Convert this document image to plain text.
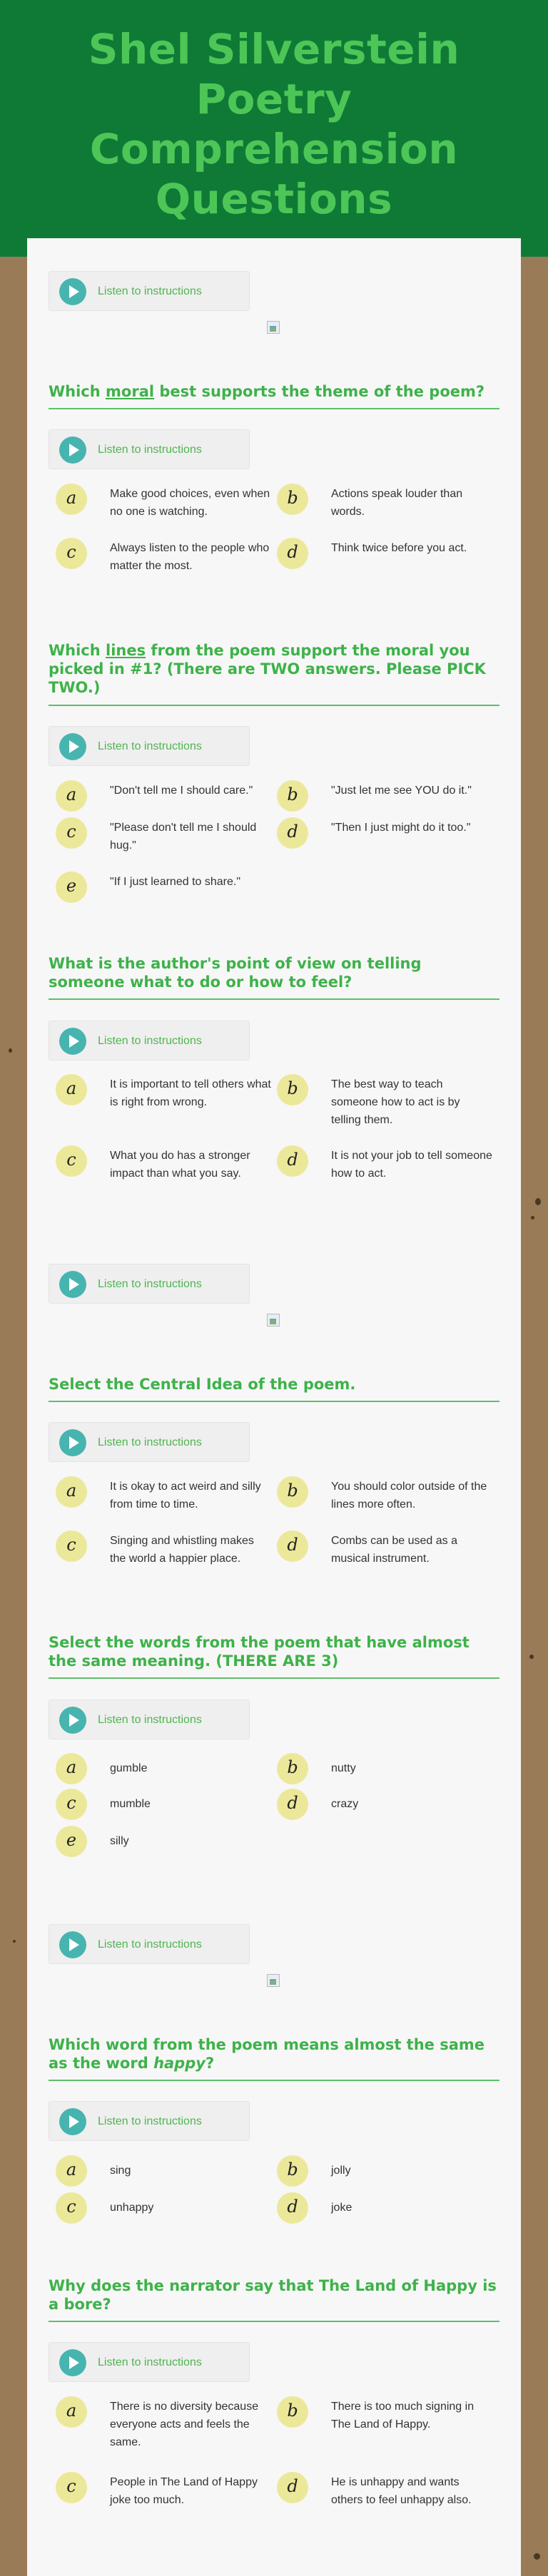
Shel Silverstein Poetry Comprehension Questions
Listen to instructions
Which moral best supports the theme of the poem?
Listen to instructions
a	Make good choices, even when no one is watching.
b	Actions speak louder than words.
c	Always listen to the people who matter the most.
d	Think twice before you act.
Which lines from the poem support the moral you picked in #1? (There are TWO answers. Please PICK TWO.)
Listen to instructions
a	"Don't tell me I should care."	b	"Just let me see YOU do it."
c	"Please don't tell me I should hug."
d	"Then I just might do it too."
e	"If I just learned to share."
What is the author's point of view on telling someone what to do or how to feel?
Listen to instructions
a	It is important to tell others what is right from wrong.
b	The best way to teach someone how to act is by telling them.
c	What you do has a stronger impact than what you say.
d	It is not your job to tell someone how to act.
Listen to instructions
Select the Central Idea of the poem.
Listen to instructions
a	It is okay to act weird and silly from time to time.
b	You should color outside of the lines more often.
c	Singing and whistling makes the world a happier place.
d	Combs can be used as a musical instrument.
Select the words from the poem that have almost the same meaning. (THERE ARE 3)
Listen to instructions
a	gumble	b	nutty
c	mumble	d	crazy
e	silly
Listen to instructions
Which word from the poem means almost the same as the word happy?
Listen to instructions
a	sing	b	jolly
c	unhappy	d	joke
Why does the narrator say that The Land of Happy is a bore?
Listen to instructions
a	There is no diversity because everyone acts and feels the same.
b	There is too much signing in The Land of Happy.
c	People in The Land of Happy joke too much.
d	He is unhappy and wants others to feel unhappy also.
